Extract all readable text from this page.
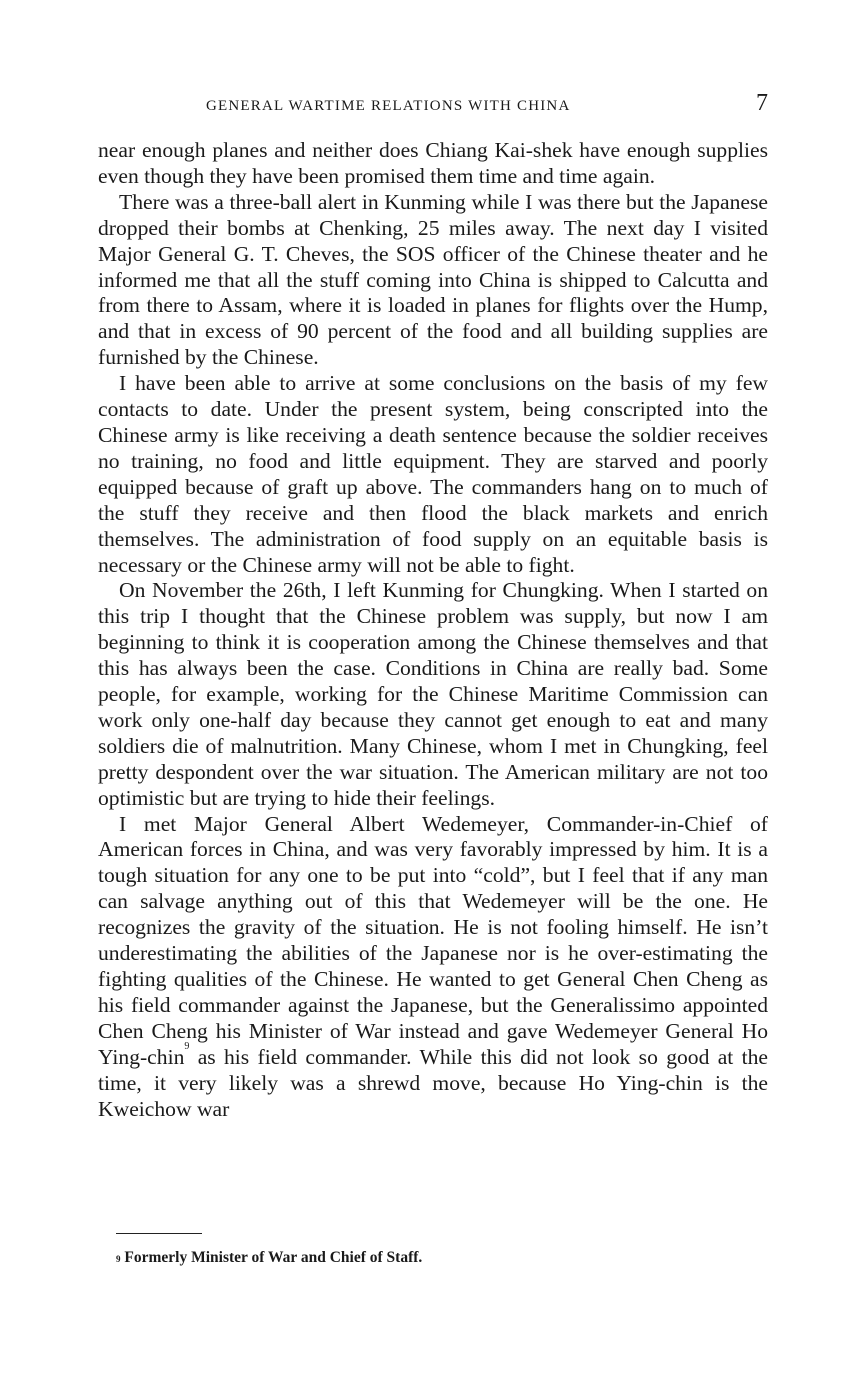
GENERAL WARTIME RELATIONS WITH CHINA	7

near enough planes and neither does Chiang Kai-shek have enough supplies even though they have been promised them time and time again.

There was a three-ball alert in Kunming while I was there but the Japanese dropped their bombs at Chenking, 25 miles away. The next day I visited Major General G. T. Cheves, the SOS officer of the Chinese theater and he informed me that all the stuff coming into China is shipped to Calcutta and from there to Assam, where it is loaded in planes for flights over the Hump, and that in excess of 90 percent of the food and all building supplies are furnished by the Chinese.

I have been able to arrive at some conclusions on the basis of my few contacts to date. Under the present system, being conscripted into the Chinese army is like receiving a death sentence because the soldier receives no training, no food and little equipment. They are starved and poorly equipped because of graft up above. The commanders hang on to much of the stuff they receive and then flood the black markets and enrich themselves. The administration of food supply on an equitable basis is necessary or the Chinese army will not be able to fight.

On November the 26th, I left Kunming for Chungking. When I started on this trip I thought that the Chinese problem was supply, but now I am beginning to think it is cooperation among the Chinese themselves and that this has always been the case. Conditions in China are really bad. Some people, for example, working for the Chinese Maritime Commission can work only one-half day because they cannot get enough to eat and many soldiers die of malnutrition. Many Chinese, whom I met in Chungking, feel pretty despondent over the war situation. The American military are not too optimistic but are trying to hide their feelings.

I met Major General Albert Wedemeyer, Commander-in-Chief of American forces in China, and was very favorably impressed by him. It is a tough situation for any one to be put into “cold”, but I feel that if any man can salvage anything out of this that Wedemeyer will be the one. He recognizes the gravity of the situation. He is not fooling himself. He isn’t underestimating the abilities of the Japanese nor is he over-estimating the fighting qualities of the Chinese. He wanted to get General Chen Cheng as his field commander against the Japanese, but the Generalissimo appointed Chen Cheng his Minister of War instead and gave Wedemeyer General Ho Ying-chin$^9$ as his field commander. While this did not look so good at the time, it very likely was a shrewd move, because Ho Ying-chin is the Kweichow war

$^9$ Formerly Minister of War and Chief of Staff.
